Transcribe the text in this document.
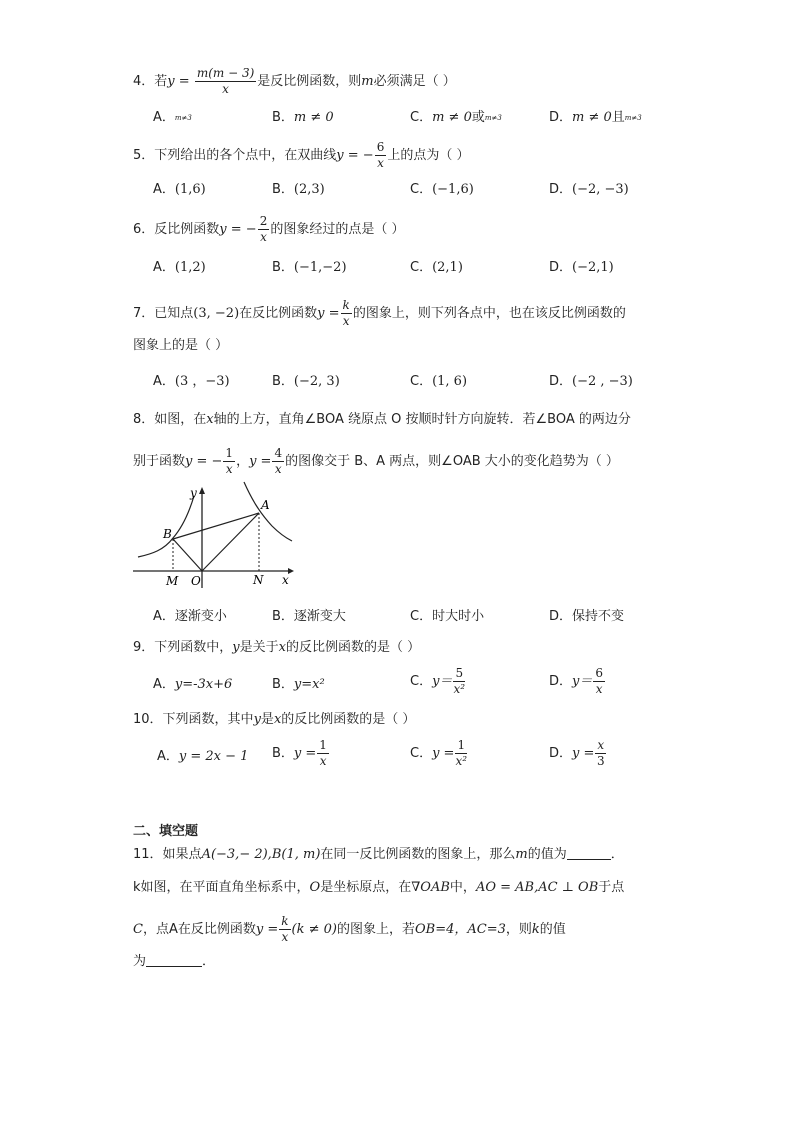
4．若$y = \frac{m(m - 3)}{x}$ 是反比例函数，则m必须满足（ ）
A．m≠3	B．m ≠ 0	C．m ≠ 0或m≠3	D．m ≠ 0且m≠3
5．下列给出的各个点中，在双曲线y = − $\frac{6}{x}$ 上的点为（ ）
A．(1,6)	B．(2,3)	C．(−1,6)	D．(−2, −3)
6．反比例函数y = − $\frac{2}{x}$ 的图象经过的点是（ ）
A．(1,2)	B．(−1,−2)	C．(2,1)	D．(−2,1)
7．已知点(3, −2)在反比例函数$y = \frac{k}{x}$ 的图象上，则下列各点中，也在该反比例函数的
图象上的是（ ）
A．(3 ，−3)	B．(−2, 3)	C．(1, 6)	D．(−2 , −3)
8．如图，在x轴的上方，直角∠BOA 绕原点 O 按顺时针方向旋转．若∠BOA 的两边分
别于函数y = − $\frac{1}{x}$ ，$y = \frac{4}{x}$ 的图像交于 B、A 两点，则∠OAB 大小的变化趋势为（ ）
y
A
B
M O	N x
A．逐渐变小	B．逐渐变大	C．时大时小	D．保持不变
9．下列函数中，y是关于x的反比例函数的是（ ）
A．y=-3x+6	B．y=x²	C．$y= \frac{5}{\text{x²}}$	D．$y= \frac{6}{x}$
10．下列函数，其中y是x的反比例函数的是（ ）
A．y = 2x − 1 B．$y = \frac{1}{x}$	C．$y = \frac{1}{\text{x²}}$	D．$y = \frac{x}{3}$
二、填空题
11．如果点A(−3,− 2),B(1, m)在同一反比例函数的图象上，那么m的值为	．
k如图，在平面直角坐标系中，O是坐标原点，在∇OAB中，AO = AB,AC ⊥ OB于点
C，点A在反比例函数$y = \frac{k}{x} (k \ne 0)$的图象上，若OB=4，AC=3，则k的值
为	．
